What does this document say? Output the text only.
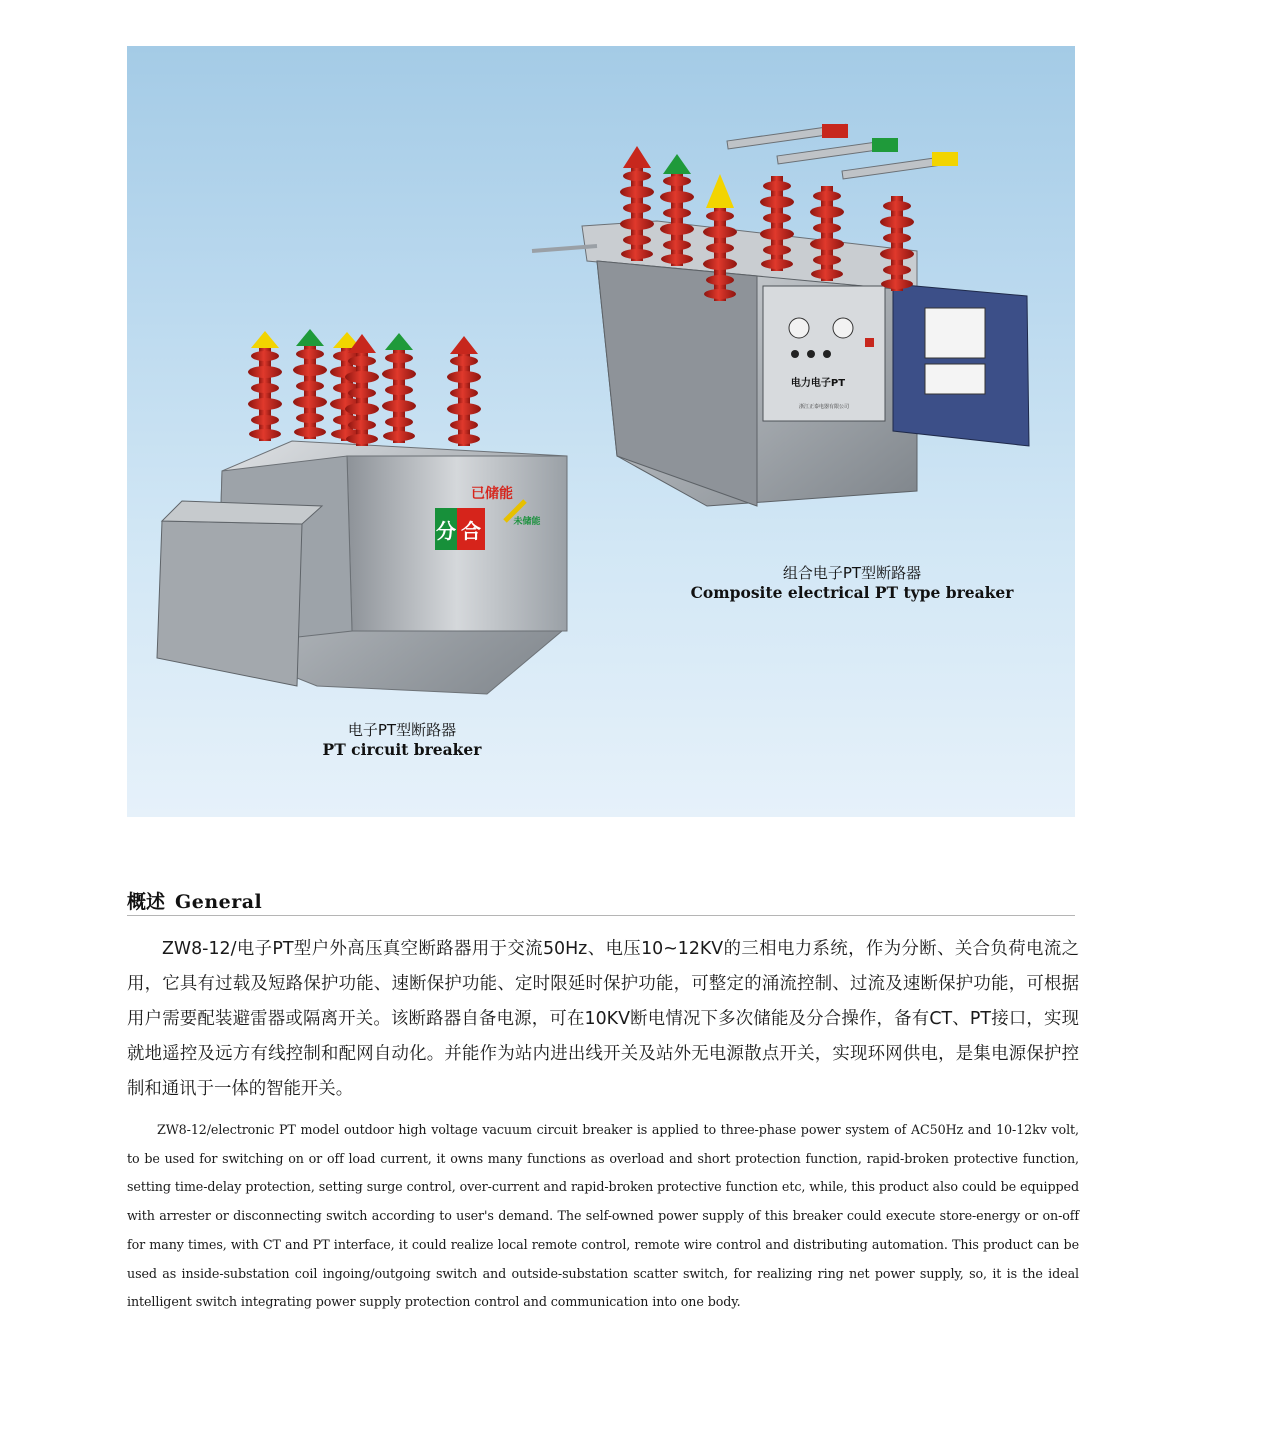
分 合
已储能
未储能
电力电子PT
浙江正泰电器有限公司
电子PT型断路器
PT circuit breaker
组合电子PT型断路器
Composite electrical PT type breaker
概述 General

ZW8-12/电子PT型户外高压真空断路器用于交流50Hz、电压10~12KV的三相电力系统，作为分断、关合负荷电流之用，它具有过载及短路保护功能、速断保护功能、定时限延时保护功能，可整定的涌流控制、过流及速断保护功能，可根据用户需要配装避雷器或隔离开关。该断路器自备电源，可在10KV断电情况下多次储能及分合操作，备有CT、PT接口，实现就地遥控及远方有线控制和配网自动化。并能作为站内进出线开关及站外无电源散点开关，实现环网供电，是集电源保护控制和通讯于一体的智能开关。

ZW8-12/electronic PT model outdoor high voltage vacuum circuit breaker is applied to three-phase power system of AC50Hz and 10-12kv volt, to be used for switching on or off load current, it owns many functions as overload and short protection function, rapid-broken protective function, setting time-delay protection, setting surge control, over-current and rapid-broken protective function etc, while, this product also could be equipped with arrester or disconnecting switch according to user's demand. The self-owned power supply of this breaker could execute store-energy or on-off for many times, with CT and PT interface, it could realize local remote control, remote wire control and distributing automation. This product can be used as inside-substation coil ingoing/outgoing switch and outside-substation scatter switch, for realizing ring net power supply, so, it is the ideal intelligent switch integrating power supply protection control and communication into one body.
